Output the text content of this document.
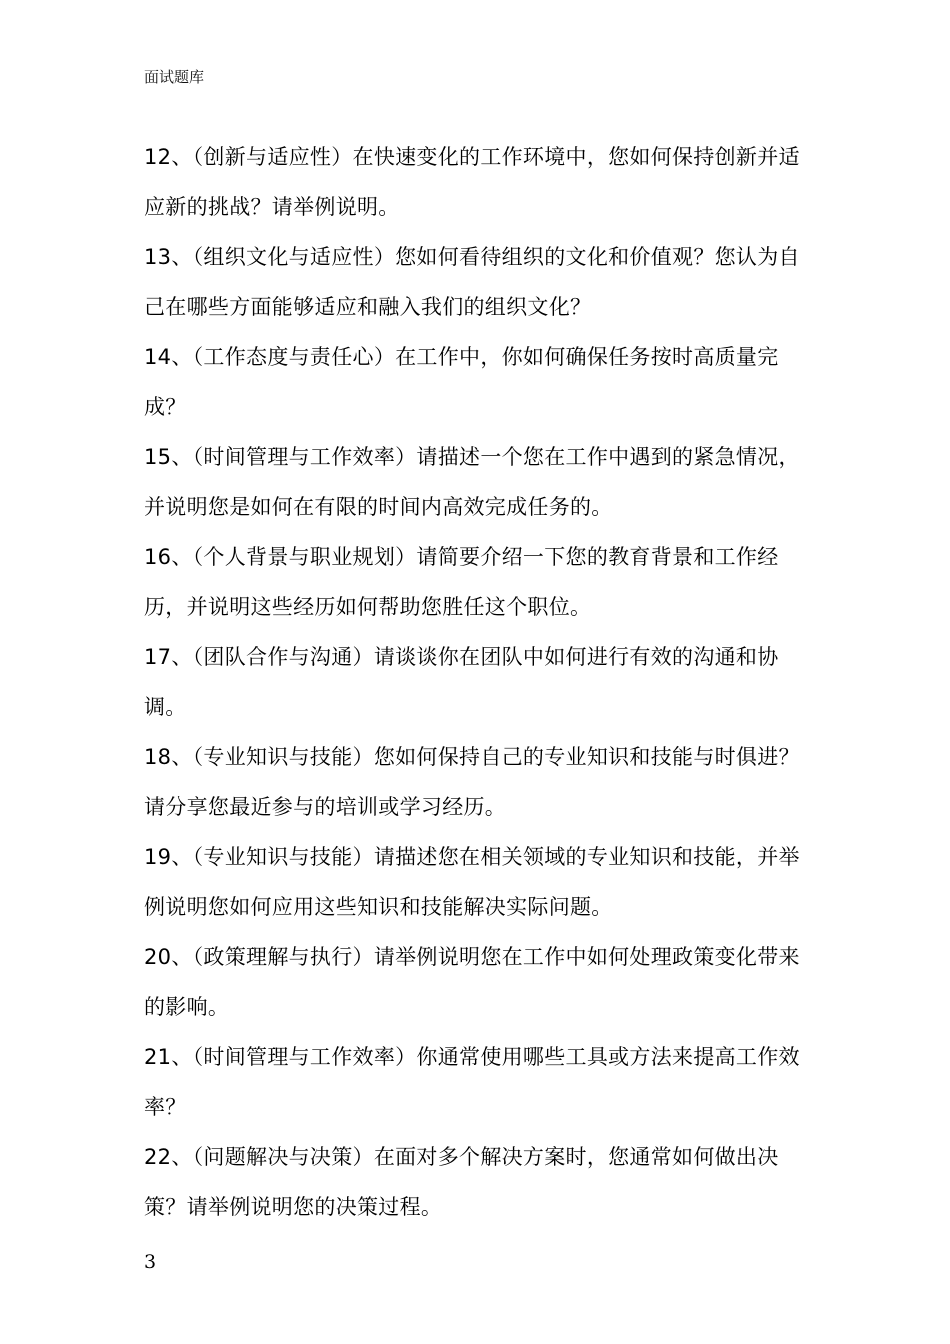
面试题库
12、（创新与适应性）在快速变化的工作环境中，您如何保持创新并适应新的挑战？请举例说明。
13、（组织文化与适应性）您如何看待组织的文化和价值观？您认为自己在哪些方面能够适应和融入我们的组织文化？
14、（工作态度与责任心）在工作中，你如何确保任务按时高质量完成？
15、（时间管理与工作效率）请描述一个您在工作中遇到的紧急情况，并说明您是如何在有限的时间内高效完成任务的。
16、（个人背景与职业规划）请简要介绍一下您的教育背景和工作经历，并说明这些经历如何帮助您胜任这个职位。
17、（团队合作与沟通）请谈谈你在团队中如何进行有效的沟通和协调。
18、（专业知识与技能）您如何保持自己的专业知识和技能与时俱进？请分享您最近参与的培训或学习经历。
19、（专业知识与技能）请描述您在相关领域的专业知识和技能，并举例说明您如何应用这些知识和技能解决实际问题。
20、（政策理解与执行）请举例说明您在工作中如何处理政策变化带来的影响。
21、（时间管理与工作效率）你通常使用哪些工具或方法来提高工作效率？
22、（问题解决与决策）在面对多个解决方案时，您通常如何做出决策？请举例说明您的决策过程。
3
